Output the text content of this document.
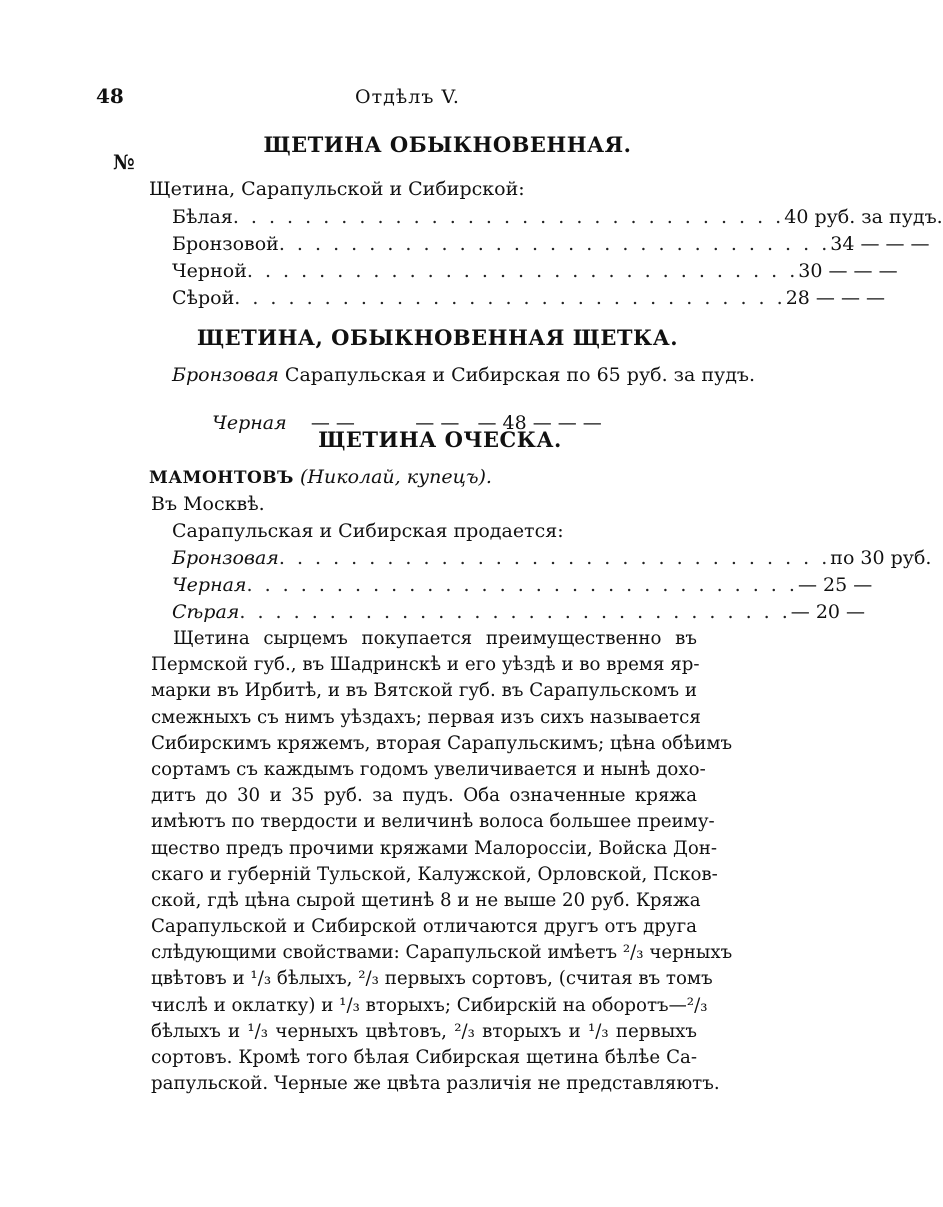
48	Отдѣлъ V.
№
ЩЕТИНА ОБЫКНОВЕННАЯ.
Щетина, Сарапульской и Сибирской:
Бѣлая . . . . . . . . . . . . . . . . . . . . . . . . . . . . . . . 40 руб. за пудъ.
Бронзовой . . . . . . . . . . . . . . . . . . . . . . . . . . . . . . . 34 — — —
Черной . . . . . . . . . . . . . . . . . . . . . . . . . . . . . . . 30 — — —
Сѣрой . . . . . . . . . . . . . . . . . . . . . . . . . . . . . . . 28 — — —
ЩЕТИНА, ОБЫКНОВЕННАЯ ЩЕТКА.
Бронзовая Сарапульская и Сибирская по 65 руб. за пудъ.

Черная — —          — —   — 48 — — —

ЩЕТИНА ОЧЕСКА.
МАМОНТОВЪ (Николай, купецъ).
Въ Москвѣ.
Сарапульская и Сибирская продается:
Бронзовая . . . . . . . . . . . . . . . . . . . . . . . . . . . . . . . по 30 руб.
Черная . . . . . . . . . . . . . . . . . . . . . . . . . . . . . . . — 25 —
Сѣрая . . . . . . . . . . . . . . . . . . . . . . . . . . . . . . . — 20 —
Щетина сырцемъ покупается преимущественно въ
Пермской губ., въ Шадринскѣ и его уѣздѣ и во время яр-
марки въ Ирбитѣ, и въ Вятской губ. въ Сарапульскомъ и
смежныхъ съ нимъ уѣздахъ; первая изъ сихъ называется
Сибирскимъ кряжемъ, вторая Сарапульскимъ; цѣна обѣимъ
сортамъ съ каждымъ годомъ увеличивается и нынѣ дохо-
дитъ до 30 и 35 руб. за пудъ. Оба означенные кряжа
имѣютъ по твердости и величинѣ волоса большее преиму-
щество предъ прочими кряжами Малороссіи, Войска Дон-
скаго и губерній Тульской, Калужской, Орловской, Псков-
ской, гдѣ цѣна сырой щетинѣ 8 и не выше 20 руб. Кряжа
Сарапульской и Сибирской отличаются другъ отъ друга
слѣдующими свойствами: Сарапульской имѣетъ ²/₃ черныхъ
цвѣтовъ и ¹/₃ бѣлыхъ, ²/₃ первыхъ сортовъ, (считая въ томъ
числѣ и оклатку) и ¹/₃ вторыхъ; Сибирскій на оборотъ—²/₃
бѣлыхъ и ¹/₃ черныхъ цвѣтовъ, ²/₃ вторыхъ и ¹/₃ первыхъ
сортовъ. Кромѣ того бѣлая Сибирская щетина бѣлѣе Са-
рапульской. Черные же цвѣта различія не представляютъ.
